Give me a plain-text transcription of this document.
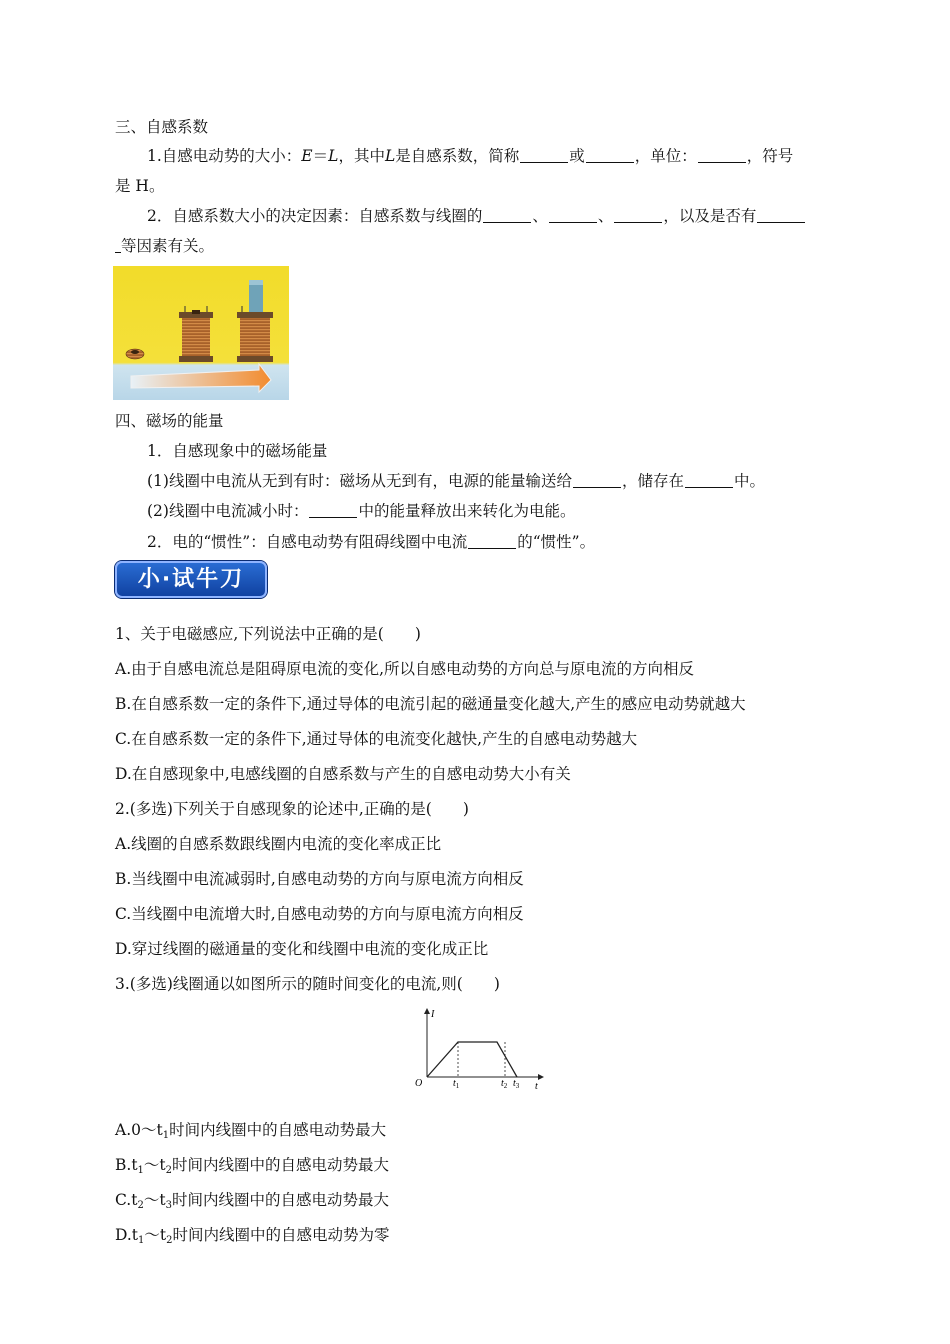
三、自感系数
1.自感电动势的大小：E＝L，其中L是自感系数，简称	或	，单位：	，符号
是 H。
2．自感系数大小的决定因素：自感系数与线圈的	、	、	，以及是否有
等因素有关。
四、磁场的能量
1．自感现象中的磁场能量
(1)线圈中电流从无到有时：磁场从无到有，电源的能量输送给	，储存在	中。
(2)线圈中电流减小时：	中的能量释放出来转化为电能。
2．电的“惯性”：自感电动势有阻碍线圈中电流	的“惯性”。
小·试牛刀
1、关于电磁感应,下列说法中正确的是(　　)
A.由于自感电流总是阻碍原电流的变化,所以自感电动势的方向总与原电流的方向相反
B.在自感系数一定的条件下,通过导体的电流引起的磁通量变化越大,产生的感应电动势就越大
C.在自感系数一定的条件下,通过导体的电流变化越快,产生的自感电动势越大
D.在自感现象中,电感线圈的自感系数与产生的自感电动势大小有关
2.(多选)下列关于自感现象的论述中,正确的是(　　)
A.线圈的自感系数跟线圈内电流的变化率成正比
B.当线圈中电流减弱时,自感电动势的方向与原电流方向相反
C.当线圈中电流增大时,自感电动势的方向与原电流方向相反
D.穿过线圈的磁通量的变化和线圈中电流的变化成正比
3.(多选)线圈通以如图所示的随时间变化的电流,则(　　)
I
t
O	$t_1$	$t_2$ $t_3$
$A.0\sim t_1$时间内线圈中的自感电动势最大
$B.t_1\sim t_2$时间内线圈中的自感电动势最大
$C.t_2\sim t_3$时间内线圈中的自感电动势最大
$D.t_1\sim t_2$时间内线圈中的自感电动势为零
